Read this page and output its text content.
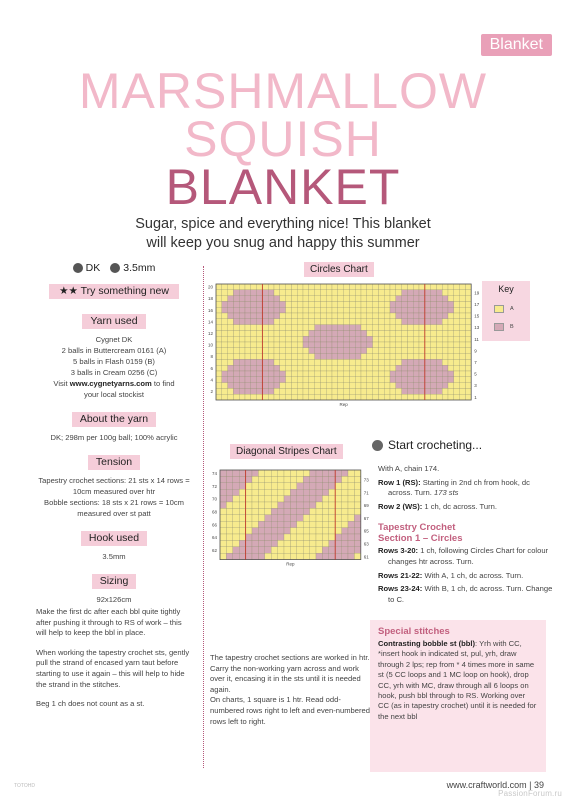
Blanket
MARSHMALLOW
SQUISH
BLANKET
Sugar, spice and everything nice! This blanket
will keep you snug and happy this summer
DK	3.5mm
★★ Try something new
Yarn used
Cygnet DK
2 balls in Buttercream 0161 (A)
5 balls in Flash 0159 (B)
3 balls in Cream 0256 (C)
Visit www.cygnetyarns.com to find
your local stockist
About the yarn
DK; 298m per 100g ball; 100% acrylic
Tension
Tapestry crochet sections: 21 sts x 14 rows =
10cm measured over htr
Bobble sections: 18 sts x 21 rows = 10cm
measured over st patt
Hook used
3.5mm
Sizing
92x126cm

Make the first dc after each bbl quite tightly after pushing it through to RS of work – this will help to keep the bbl in place.

When working the tapestry crochet sts, gently pull the strand of encased yarn taut before starting to use it again – this will help to hide the strand in the stitches.

Beg 1 ch does not count as a st.

Circles Chart
20
18
16
14
12
10
8
6
4
2
19
17
15
13
11
9
7
5
3
1
Rep
Key
A
B
Diagonal Stripes Chart
74
72
70
68
66
64
62
73
71
69
67
65
63
61
Rep

The tapestry crochet sections are worked in htr. Carry the non-working yarn across and work over it, encasing it in the sts until it is needed again.

On charts, 1 square is 1 htr. Read odd-numbered rows right to left and even-numbered rows left to right.

Start crocheting...

With A, chain 174.

Row 1 (RS): Starting in 2nd ch from hook, dc across. Turn. 173 sts

Row 2 (WS): 1 ch, dc across. Turn.

Tapestry Crochet
Section 1 – Circles

Rows 3-20: 1 ch, following Circles Chart for colour changes htr across. Turn.

Rows 21-22: With A, 1 ch, dc across. Turn.

Rows 23-24: With B, 1 ch, dc across. Turn. Change to C.

Special stitches

Contrasting bobble st (bbl): Yrh with CC, *insert hook in indicated st, pul, yrh, draw through 2 lps; rep from * 4 times more in same st (5 CC loops and 1 MC loop on hook), drop CC, yrh with MC, draw through all 6 loops on hook, push bbl through to RS. Working over CC (as in tapestry crochet) until it is needed for the next bbl

TOTOHD	www.craftworld.com | 39
PassionForum.ru
